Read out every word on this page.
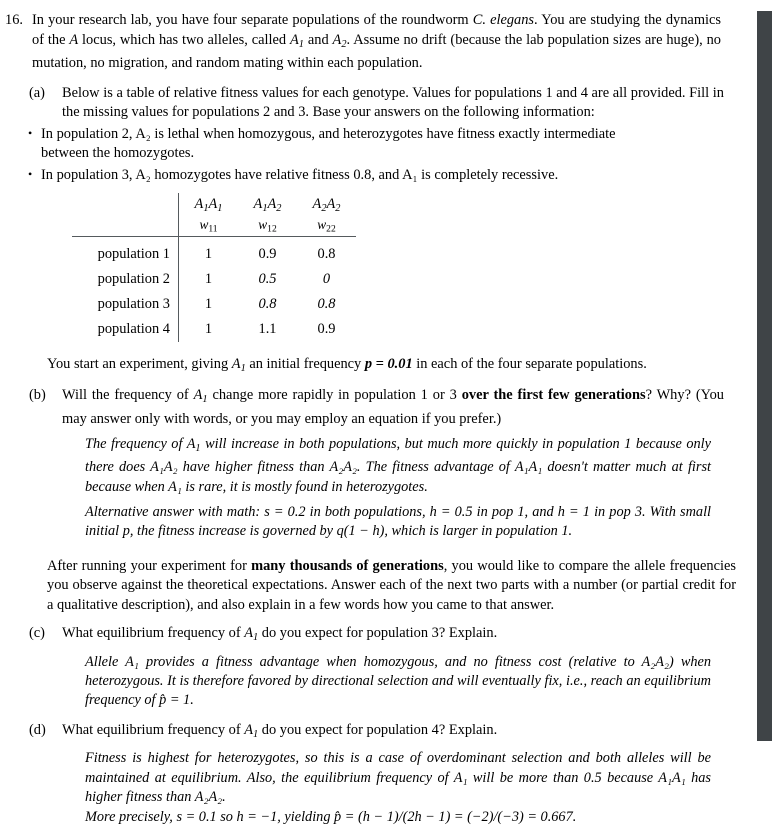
16. In your research lab, you have four separate populations of the roundworm C. elegans. You are studying the dynamics of the A locus, which has two alleles, called $A_1$ and $A_2$. Assume no drift (because the lab population sizes are huge), no mutation, no migration, and random mating within each population.
(a)	Below is a table of relative fitness values for each genotype. Values for populations 1 and 4 are all provided. Fill in the missing values for populations 2 and 3. Base your answers on the following information:
• In population 2, A₂ is lethal when homozygous, and heterozygotes have fitness exactly intermediate between the homozygotes.
• In population 3, A₂ homozygotes have relative fitness 0.8, and A₁ is completely recessive.
	$A_1A_1$	$A_1A_2$	$A_2A_2$
	$w_{11}$	$w_{12}$	$w_{22}$

population 1	1	0.9	0.8
population 2	1	0.5	0
population 3	1	0.8	0.8
population 4	1	1.1	0.9

You start an experiment, giving $A_1$ an initial frequency p = 0.01 in each of the four separate populations.

(b)	Will the frequency of $A_1$ change more rapidly in population 1 or 3 over the first few generations? Why? (You may answer only with words, or you may employ an equation if you prefer.)

The frequency of $A_1$ will increase in both populations, but much more quickly in population 1 because only there does A₁A₂ have higher fitness than A₂A₂. The fitness advantage of A₁A₁ doesn't matter much at first because when A₁ is rare, it is mostly found in heterozygotes.

Alternative answer with math: s = 0.2 in both populations, h = 0.5 in pop 1, and h = 1 in pop 3. With small initial p, the fitness increase is governed by q(1 − h), which is larger in population 1.

After running your experiment for many thousands of generations, you would like to compare the allele frequencies you observe against the theoretical expectations. Answer each of the next two parts with a number (or partial credit for a qualitative description), and also explain in a few words how you came to that answer.

(c)	What equilibrium frequency of $A_1$ do you expect for population 3? Explain.

Allele A₁ provides a fitness advantage when homozygous, and no fitness cost (relative to A₂A₂) when heterozygous. It is therefore favored by directional selection and will eventually fix, i.e., reach an equilibrium frequency of p̂ = 1.

(d)	What equilibrium frequency of $A_1$ do you expect for population 4? Explain.

Fitness is highest for heterozygotes, so this is a case of overdominant selection and both alleles will be maintained at equilibrium. Also, the equilibrium frequency of A₁ will be more than 0.5 because A₁A₁ has higher fitness than A₂A₂.

More precisely, s = 0.1 so h = −1, yielding p̂ = (h − 1)/(2h − 1) = (−2)/(−3) = 0.667.
